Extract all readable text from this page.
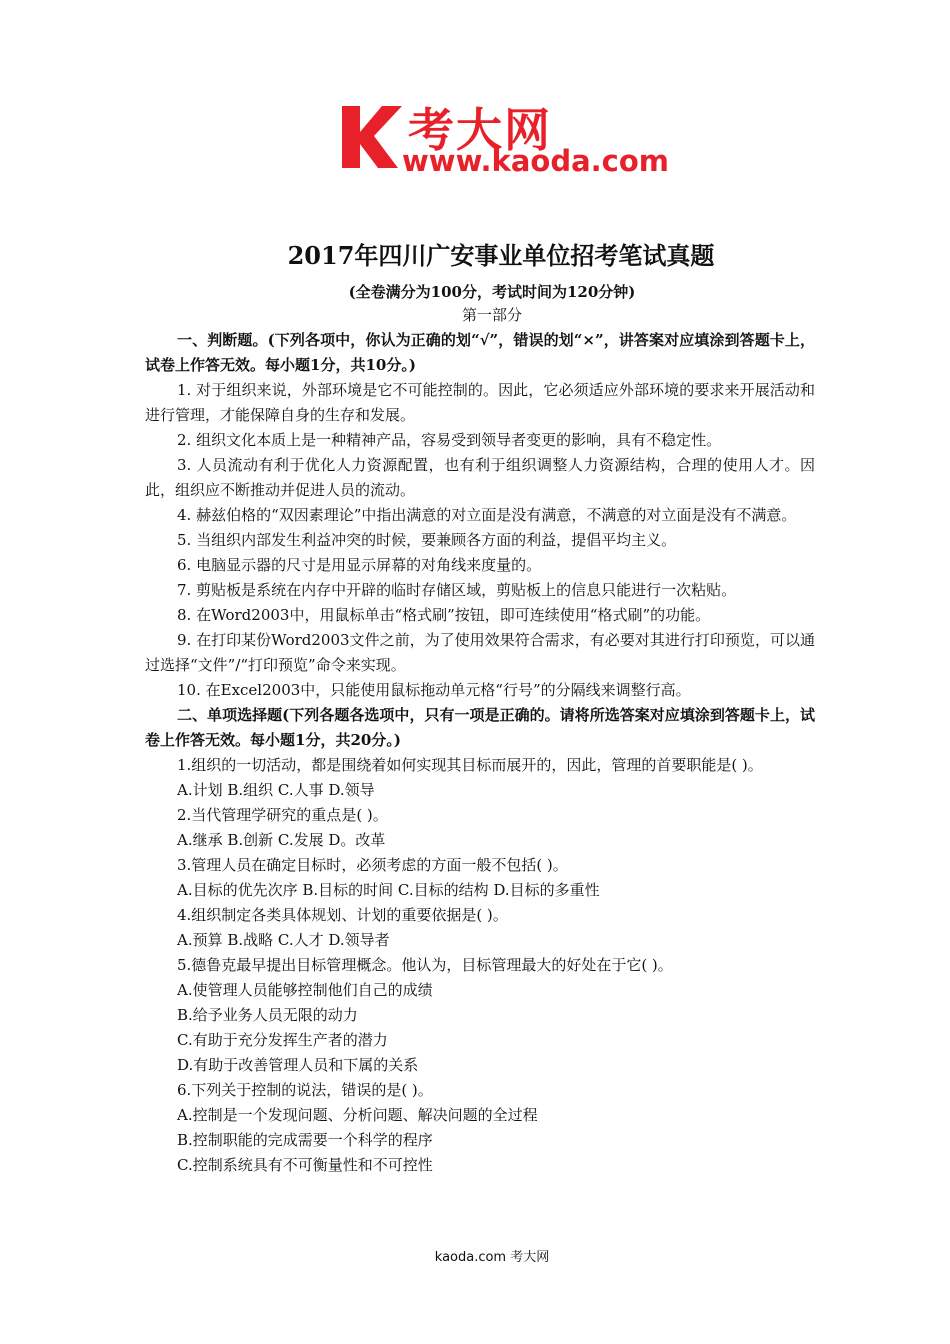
考大网
www.kaoda.com
2017年四川广安事业单位招考笔试真题
(全卷满分为100分，考试时间为120分钟)
第一部分

一、判断题。(下列各项中，你认为正确的划“√”，错误的划“×”，讲答案对应填涂到答题卡上，试卷上作答无效。每小题1分，共10分。)

1. 对于组织来说，外部环境是它不可能控制的。因此，它必须适应外部环境的要求来开展活动和进行管理，才能保障自身的生存和发展。

2. 组织文化本质上是一种精神产品，容易受到领导者变更的影响，具有不稳定性。

3. 人员流动有利于优化人力资源配置，也有利于组织调整人力资源结构，合理的使用人才。因此，组织应不断推动并促进人员的流动。

4. 赫兹伯格的“双因素理论”中指出满意的对立面是没有满意，不满意的对立面是没有不满意。

5. 当组织内部发生利益冲突的时候，要兼顾各方面的利益，提倡平均主义。

6. 电脑显示器的尺寸是用显示屏幕的对角线来度量的。

7. 剪贴板是系统在内存中开辟的临时存储区域，剪贴板上的信息只能进行一次粘贴。

8. 在Word2003中，用鼠标单击“格式刷”按钮，即可连续使用“格式刷”的功能。

9. 在打印某份Word2003文件之前，为了使用效果符合需求，有必要对其进行打印预览，可以通过选择“文件”/“打印预览”命令来实现。

10. 在Excel2003中，只能使用鼠标拖动单元格“行号”的分隔线来调整行高。

二、单项选择题(下列各题各选项中，只有一项是正确的。请将所选答案对应填涂到答题卡上，试卷上作答无效。每小题1分，共20分。)

1.组织的一切活动，都是围绕着如何实现其目标而展开的，因此，管理的首要职能是( )。

A.计划 B.组织 C.人事 D.领导

2.当代管理学研究的重点是( )。

A.继承 B.创新 C.发展 D。改革

3.管理人员在确定目标时，必须考虑的方面一般不包括( )。

A.目标的优先次序 B.目标的时间 C.目标的结构 D.目标的多重性

4.组织制定各类具体规划、计划的重要依据是( )。

A.预算 B.战略 C.人才 D.领导者

5.德鲁克最早提出目标管理概念。他认为，目标管理最大的好处在于它( )。

A.使管理人员能够控制他们自己的成绩

B.给予业务人员无限的动力

C.有助于充分发挥生产者的潜力

D.有助于改善管理人员和下属的关系

6.下列关于控制的说法，错误的是( )。

A.控制是一个发现问题、分析问题、解决问题的全过程

B.控制职能的完成需要一个科学的程序

C.控制系统具有不可衡量性和不可控性

kaoda.com 考大网
